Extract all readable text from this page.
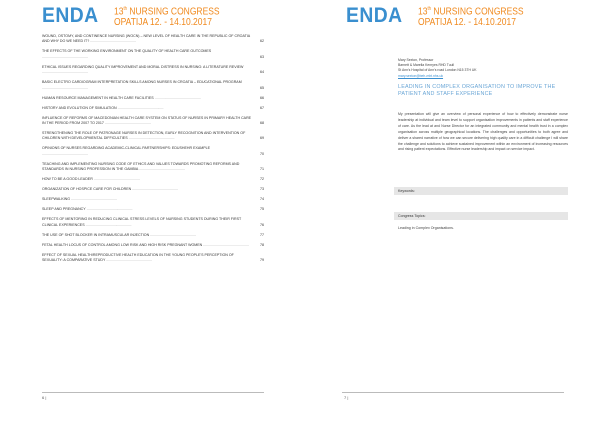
ENDA 13th NURSING CONGRESS
OPATIJA 12. - 14.10.2017
WOUND, OSTOMY, AND CONTINENCE NURSING (WOCN) – NEW LEVEL OF HEALTH CARE IN THE REPUBLIC OF CROATIA AND WHY DO WE NEED IT? ..............................................	62
THE EFFECTS OF THE WORKING ENVIRONMENT ON THE QUALITY OF HEALTH CARE OUTCOMES ..............................................	63
ETHICAL ISSUES REGARDING QUALITY IMPROVEMENT AND MORAL DISTRESS IN NURSING: A LITERATURE REVIEW ..............................................	64
BASIC ELECTRO CARDIOGRAM INTERPRETATION SKILLS AMONG NURSES IN CROATIA – EDUCATIONAL PROGRAM ..............................................	65
HUMAN RESOURCE MANAGEMENT IN HEALTH CARE FACILITIES ..............................................	66
HISTORY AND EVOLUTION OF SIMULATION ..............................................	67
INFLUENCE OF REFORMS OF MACEDONIAN HEALTH CARE SYSTEM ON STATUS OF NURSES IN PRIMARY HEALTH CARE IN THE PERIOD FROM 2007 TO 2017 ..............................................	68
STRENGTHENING THE ROLE OF PATRONAGE NURSES IN DETECTION, EARLY RECOGNITION AND INTERVENTION OF CHILDREN WITH DEVELOPMENTAL DIFFICULTIES ..............................................	69
OPINIONS OF NURSES REGARDING ACADEMIC-CLINICAL PARTNERSHIPS: EDUSHEHR EXAMPLE ..............................................	70
TEACHING AND IMPLEMENTING NURSING CODE OF ETHICS AND VALUES TOWARDS PROMOTING REFORMS AND STANDARDS IN NURSING PROFESSION IN THE GAMBIA ..............................................	71
HOW TO BE A GOOD LEADER ..............................................	72
ORGANIZATION OF HOSPICE CARE FOR CHILDREN ..............................................	73
SLEEPWALKING ..............................................	74
SLEEP AND PREGNANCY ..............................................	75
EFFECTS OF MENTORING IN REDUCING CLINICAL STRESS LEVELS OF NURSING STUDENTS DURING THEIR FIRST CLINICAL EXPERIENCES ..............................................	76
THE USE OF SHOT BLOCKER IN INTRAMUSCULAR INJECTION ..............................................	77
FETAL HEALTH LOCUS OF CONTROL AMONG LOW RISK AND HIGH RISK PREGNANT WOMEN ..............................................	78
EFFECT OF SEXUAL HEALTH/REPRODUCTIVE HEALTH EDUCATION IN THE YOUNG PEOPLE'S PERCEPTION OF SEXUALITY: A COMPARATIVE STUDY ..............................................	79
6 |
ENDA 13th NURSING CONGRESS
OPATIJA 12. - 14.10.2017
Mary Sexton, Professor
Barnett & Marella Kenryes RHD Tuull
St Ann's Hospital of Ann's road London N15 3TH UK
mary.sexton@beh-mht.nhs.uk
LEADING IN COMPLEX ORGANISATION TO IMPROVE THE PATIENT AND STAFF EXPERIENCE
My presentation will give an overview of personal experience of how to effectively demonstrate nurse leadership at individual and team level to support organisation improvements in patients and staff experience of care. As the lead at and Nurse Director for an integrated community and mental health trust in a complex organisation across multiple geographical locations. The challenges and opportunities to both agree and deliver a shared narrative of how we can secure delivering high quality care in a difficult challenge I will share the challenge and solutions to achieve sustained improvement within an environment of increasing resources and rising patient expectations. Effective nurse leadership and impact on service impact.
Keywords:
Congress Topics:
Leading in Complex Organisations.
7 |
